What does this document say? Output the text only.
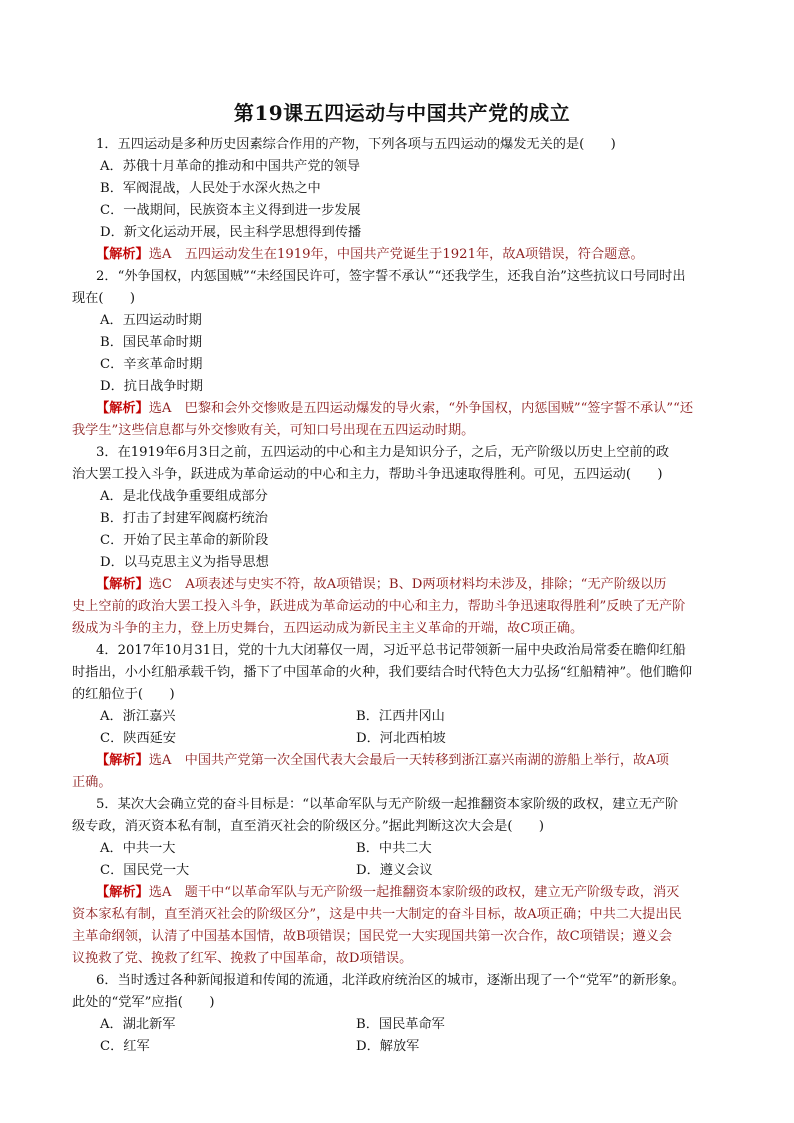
第19课五四运动与中国共产党的成立
1．五四运动是多种历史因素综合作用的产物，下列各项与五四运动的爆发无关的是(　　)
A．苏俄十月革命的推动和中国共产党的领导
B．军阀混战，人民处于水深火热之中
C．一战期间，民族资本主义得到进一步发展
D．新文化运动开展，民主科学思想得到传播
【解析】选A　五四运动发生在1919年，中国共产党诞生于1921年，故A项错误，符合题意。
2．“外争国权，内惩国贼”“未经国民许可，签字誓不承认”“还我学生，还我自治”这些抗议口号同时出
现在(　　)
A．五四运动时期
B．国民革命时期
C．辛亥革命时期
D．抗日战争时期
【解析】选A　巴黎和会外交惨败是五四运动爆发的导火索，“外争国权，内惩国贼”“签字誓不承认”“还
我学生”这些信息都与外交惨败有关，可知口号出现在五四运动时期。
3．在1919年6月3日之前，五四运动的中心和主力是知识分子，之后，无产阶级以历史上空前的政
治大罢工投入斗争，跃进成为革命运动的中心和主力，帮助斗争迅速取得胜利。可见，五四运动(　　)
A．是北伐战争重要组成部分
B．打击了封建军阀腐朽统治
C．开始了民主革命的新阶段
D．以马克思主义为指导思想
【解析】选C　A项表述与史实不符，故A项错误；B、D两项材料均未涉及，排除；“无产阶级以历
史上空前的政治大罢工投入斗争，跃进成为革命运动的中心和主力，帮助斗争迅速取得胜利”反映了无产阶
级成为斗争的主力，登上历史舞台，五四运动成为新民主主义革命的开端，故C项正确。
4．2017年10月31日，党的十九大闭幕仅一周，习近平总书记带领新一届中央政治局常委在瞻仰红船
时指出，小小红船承载千钧，播下了中国革命的火种，我们要结合时代特色大力弘扬“红船精神”。他们瞻仰
的红船位于(　　)
A．浙江嘉兴	B．江西井冈山
C．陕西延安	D．河北西柏坡
【解析】选A　中国共产党第一次全国代表大会最后一天转移到浙江嘉兴南湖的游船上举行，故A项
正确。
5．某次大会确立党的奋斗目标是：“以革命军队与无产阶级一起推翻资本家阶级的政权，建立无产阶
级专政，消灭资本私有制，直至消灭社会的阶级区分。”据此判断这次大会是(　　)
A．中共一大	B．中共二大
C．国民党一大	D．遵义会议
【解析】选A　题干中“以革命军队与无产阶级一起推翻资本家阶级的政权，建立无产阶级专政，消灭
资本家私有制，直至消灭社会的阶级区分”，这是中共一大制定的奋斗目标，故A项正确；中共二大提出民
主革命纲领，认清了中国基本国情，故B项错误；国民党一大实现国共第一次合作，故C项错误；遵义会
议挽救了党、挽救了红军、挽救了中国革命，故D项错误。
6．当时透过各种新闻报道和传闻的流通，北洋政府统治区的城市，逐渐出现了一个“党军”的新形象。
此处的“党军”应指(　　)
A．湖北新军	B．国民革命军
C．红军	D．解放军
